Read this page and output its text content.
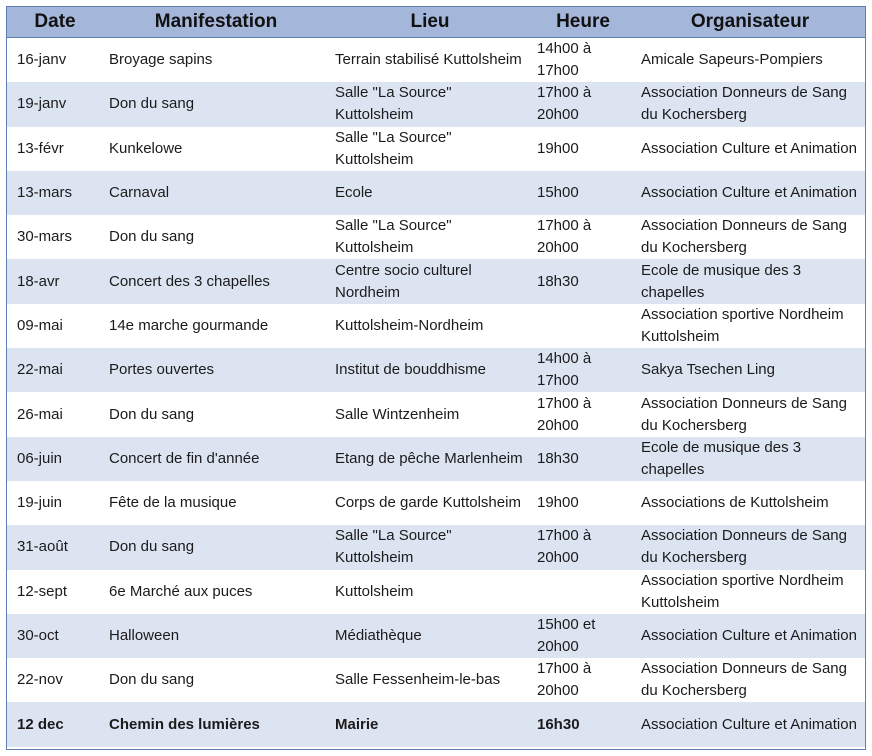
Date	Manifestation	Lieu	Heure	Organisateur
16-janv	Broyage sapins	Terrain stabilisé Kuttolsheim	14h00 à 17h00	Amicale Sapeurs-Pompiers
19-janv	Don du sang	Salle "La Source" Kuttolsheim	17h00 à 20h00	Association Donneurs de Sang du Kochersberg
13-févr	Kunkelowe	Salle "La Source" Kuttolsheim	19h00	Association Culture et Animation
13-mars	Carnaval	Ecole	15h00	Association Culture et Animation
30-mars	Don du sang	Salle "La Source" Kuttolsheim	17h00 à 20h00	Association Donneurs de Sang du Kochersberg
18-avr	Concert des 3 chapelles	Centre socio culturel Nordheim	18h30	Ecole de musique des 3 chapelles
09-mai	14e marche gourmande	Kuttolsheim-Nordheim		Association sportive Nordheim Kuttolsheim
22-mai	Portes ouvertes	Institut de bouddhisme	14h00 à 17h00	Sakya Tsechen Ling
26-mai	Don du sang	Salle Wintzenheim	17h00 à 20h00	Association Donneurs de Sang du Kochersberg
06-juin	Concert de fin d'année	Etang de pêche Marlenheim	18h30	Ecole de musique des 3 chapelles
19-juin	Fête de la musique	Corps de garde Kuttolsheim	19h00	Associations de Kuttolsheim
31-août	Don du sang	Salle "La Source" Kuttolsheim	17h00 à 20h00	Association Donneurs de Sang du Kochersberg
12-sept	6e Marché aux puces	Kuttolsheim		Association sportive Nordheim Kuttolsheim
30-oct	Halloween	Médiathèque	15h00 et 20h00	Association Culture et Animation
22-nov	Don du sang	Salle Fessenheim-le-bas	17h00 à 20h00	Association Donneurs de Sang du Kochersberg
12 dec	Chemin des lumières	Mairie	16h30	Association Culture et Animation
